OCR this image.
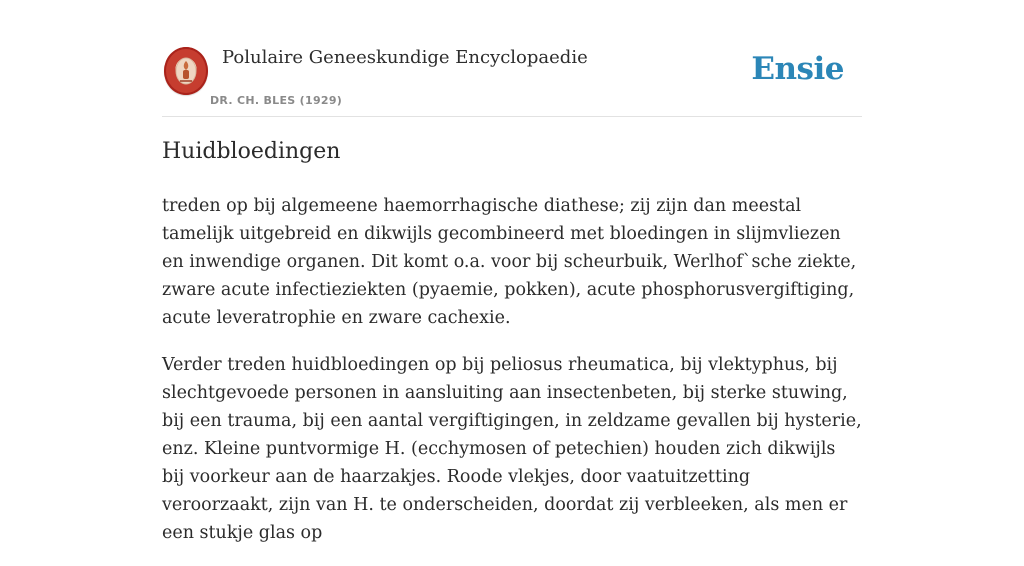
Polulaire Geneeskundige Encyclopaedie
DR. CH. BLES (1929)
Ensie
Huidbloedingen

treden op bij algemeene haemorrhagische diathese; zij zijn dan meestal tamelijk uitgebreid en dikwijls gecombineerd met bloedingen in slijmvliezen en inwendige organen. Dit komt o.a. voor bij scheurbuik, Werlhof`sche ziekte, zware acute infectieziekten (pyaemie, pokken), acute phosphorusvergiftiging, acute leveratrophie en zware cachexie.

Verder treden huidbloedingen op bij peliosus rheumatica, bij vlektyphus, bij slechtgevoede personen in aansluiting aan insectenbeten, bij sterke stuwing, bij een trauma, bij een aantal vergiftigingen, in zeldzame gevallen bij hysterie, enz. Kleine puntvormige H. (ecchymosen of petechien) houden zich dikwijls bij voorkeur aan de haarzakjes. Roode vlekjes, door vaatuitzetting veroorzaakt, zijn van H. te onderscheiden, doordat zij verbleeken, als men er een stukje glas op
